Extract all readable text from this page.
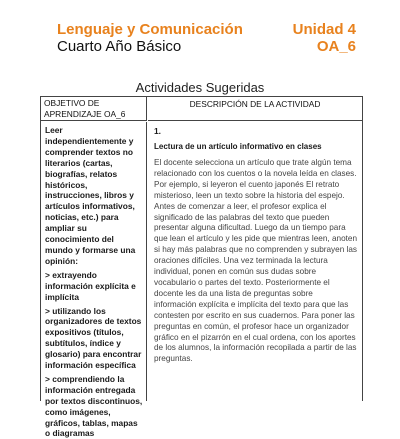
Lenguaje y Comunicación

Cuarto Año Básico

Unidad 4

OA_6

Actividades Sugeridas

OBJETIVO DE APRENDIZAJE OA_6
DESCRIPCIÓN DE LA ACTIVIDAD

Leer independientemente y comprender textos no literarios (cartas, biografías, relatos históricos, instrucciones, libros y artículos informativos, noticias, etc.) para ampliar su conocimiento del mundo y formarse una opinión:

> extrayendo información explícita e implícita

> utilizando los organizadores de textos expositivos (títulos, subtítulos, índice y glosario) para encontrar información específica

> comprendiendo la información entregada por textos discontinuos, como imágenes, gráficos, tablas, mapas o diagramas

1.

Lectura de un artículo informativo en clases

El docente selecciona un artículo que trate algún tema relacionado con los cuentos o la novela leída en clases. Por ejemplo, si leyeron el cuento japonés El retrato misterioso, leen un texto sobre la historia del espejo. Antes de comenzar a leer, el profesor explica el significado de las palabras del texto que pueden presentar alguna dificultad. Luego da un tiempo para que lean el artículo y les pide que mientras leen, anoten si hay más palabras que no comprenden y subrayen las oraciones difíciles. Una vez terminada la lectura individual, ponen en común sus dudas sobre vocabulario o partes del texto. Posteriormente el docente les da una lista de preguntas sobre información explícita e implícita del texto para que las contesten por escrito en sus cuadernos. Para poner las preguntas en común, el profesor hace un organizador gráfico en el pizarrón en el cual ordena, con los aportes de los alumnos, la información recopilada a partir de las preguntas.
